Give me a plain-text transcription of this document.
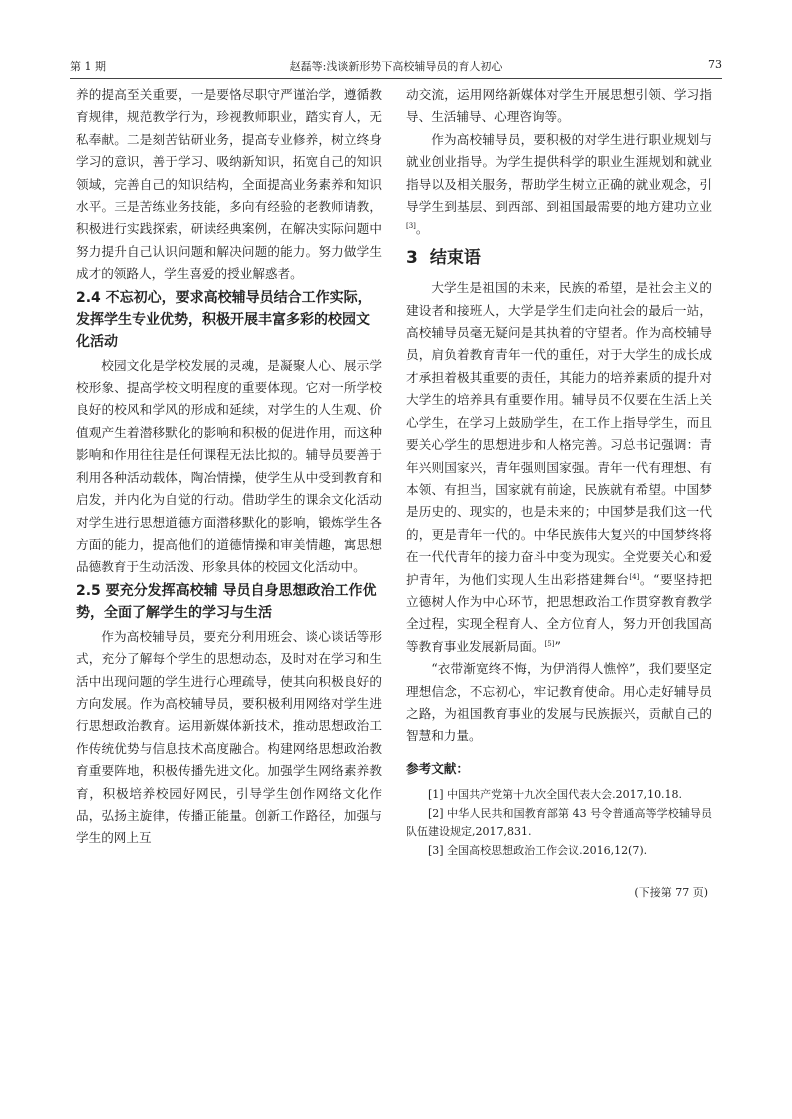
第 1 期	赵磊等:浅谈新形势下高校辅导员的育人初心	73

养的提高至关重要，一是要恪尽职守严谨治学，遵循教育规律，规范教学行为，珍视教师职业，踏实育人，无私奉献。二是刻苦钻研业务，提高专业修养，树立终身学习的意识，善于学习、吸纳新知识，拓宽自己的知识领域，完善自己的知识结构，全面提高业务素养和知识水平。三是苦练业务技能，多向有经验的老教师请教，积极进行实践探索，研读经典案例，在解决实际问题中努力提升自己认识问题和解决问题的能力。努力做学生成才的领路人，学生喜爱的授业解惑者。

2.4 不忘初心，要求高校辅导员结合工作实际，发挥学生专业优势，积极开展丰富多彩的校园文化活动

校园文化是学校发展的灵魂，是凝聚人心、展示学校形象、提高学校文明程度的重要体现。它对一所学校良好的校风和学风的形成和延续，对学生的人生观、价值观产生着潜移默化的影响和积极的促进作用，而这种影响和作用往往是任何课程无法比拟的。辅导员要善于利用各种活动载体，陶冶情操，使学生从中受到教育和启发，并内化为自觉的行动。借助学生的课余文化活动对学生进行思想道德方面潜移默化的影响，锻炼学生各方面的能力，提高他们的道德情操和审美情趣，寓思想品德教育于生动活泼、形象具体的校园文化活动中。

2.5 要充分发挥高校辅 导员自身思想政治工作优势，全面了解学生的学习与生活

作为高校辅导员，要充分利用班会、谈心谈话等形式，充分了解每个学生的思想动态，及时对在学习和生活中出现问题的学生进行心理疏导，使其向积极良好的方向发展。作为高校辅导员，要积极利用网络对学生进行思想政治教育。运用新媒体新技术，推动思想政治工作传统优势与信息技术高度融合。构建网络思想政治教育重要阵地，积极传播先进文化。加强学生网络素养教育，积极培养校园好网民，引导学生创作网络文化作品，弘扬主旋律，传播正能量。创新工作路径，加强与学生的网上互

动交流，运用网络新媒体对学生开展思想引领、学习指导、生活辅导、心理咨询等。

作为高校辅导员，要积极的对学生进行职业规划与就业创业指导。为学生提供科学的职业生涯规划和就业指导以及相关服务，帮助学生树立正确的就业观念，引导学生到基层、到西部、到祖国最需要的地方建功立业[3]。

3 结束语

大学生是祖国的未来，民族的希望，是社会主义的建设者和接班人，大学是学生们走向社会的最后一站，高校辅导员毫无疑问是其执着的守望者。作为高校辅导员，肩负着教育青年一代的重任，对于大学生的成长成才承担着极其重要的责任，其能力的培养素质的提升对大学生的培养具有重要作用。辅导员不仅要在生活上关心学生，在学习上鼓励学生，在工作上指导学生，而且要关心学生的思想进步和人格完善。习总书记强调：青年兴则国家兴，青年强则国家强。青年一代有理想、有本领、有担当，国家就有前途，民族就有希望。中国梦是历史的、现实的，也是未来的；中国梦是我们这一代的，更是青年一代的。中华民族伟大复兴的中国梦终将在一代代青年的接力奋斗中变为现实。全党要关心和爱护青年，为他们实现人生出彩搭建舞台[4]。“要坚持把立德树人作为中心环节，把思想政治工作贯穿教育教学全过程，实现全程育人、全方位育人，努力开创我国高等教育事业发展新局面。[5]”

“衣带渐宽终不悔，为伊消得人憔悴”，我们要坚定理想信念，不忘初心，牢记教育使命。用心走好辅导员之路，为祖国教育事业的发展与民族振兴，贡献自己的智慧和力量。

参考文献：

[1] 中国共产党第十九次全国代表大会.2017,10.18.

[2] 中华人民共和国教育部第 43 号令普通高等学校辅导员队伍建设规定,2017,831.

[3] 全国高校思想政治工作会议.2016,12(7).

(下接第 77 页)
